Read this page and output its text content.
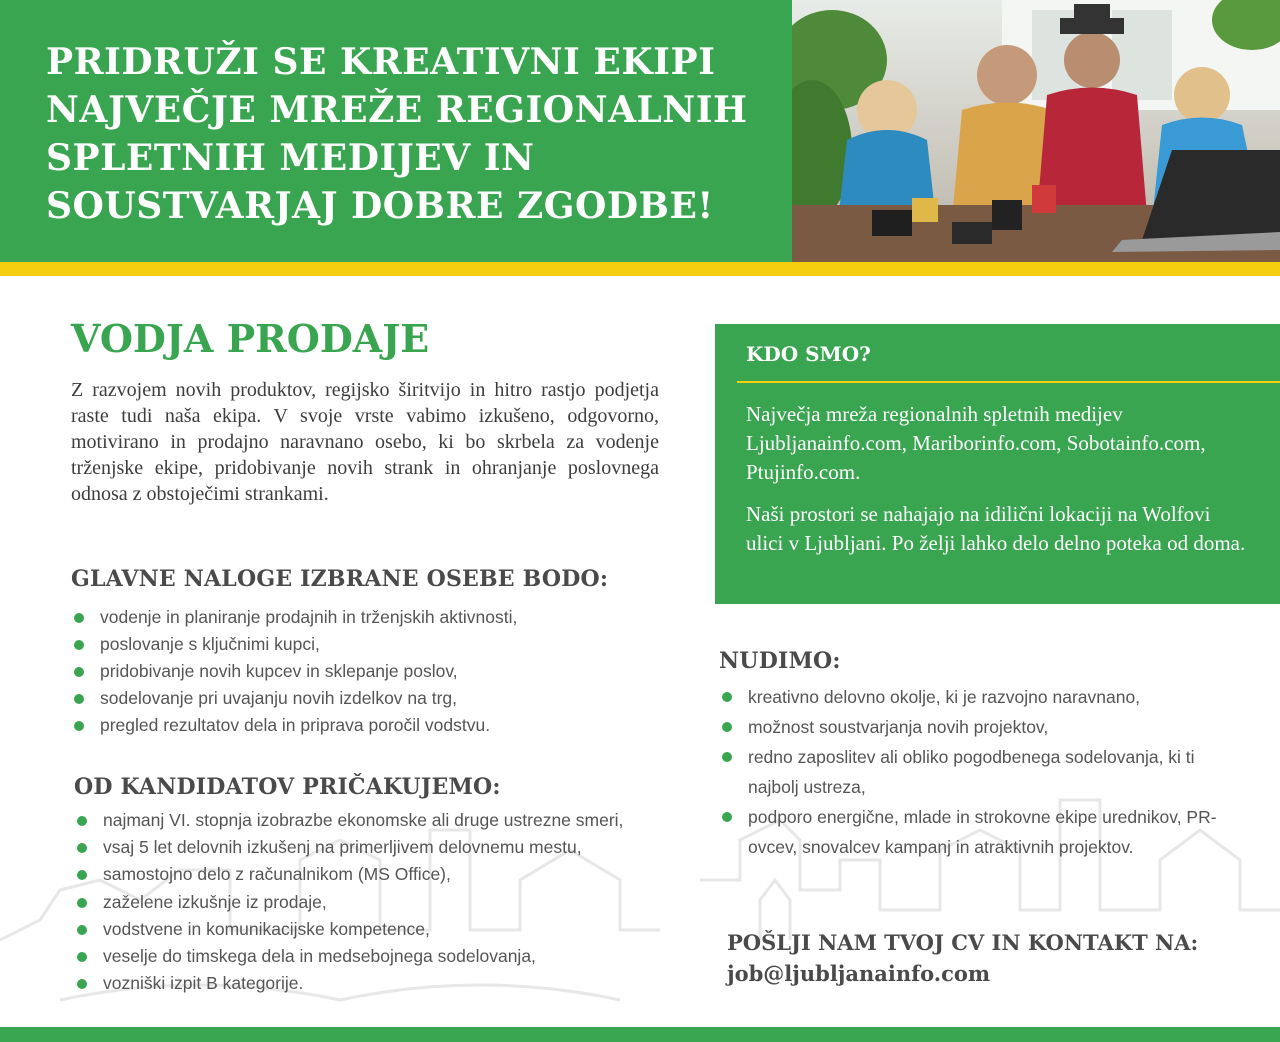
PRIDRUŽI SE KREATIVNI EKIPI NAJVEČJE MREŽE REGIONALNIH SPLETNIH MEDIJEV IN SOUSTVARJAJ DOBRE ZGODBE!
VODJA PRODAJE

Z razvojem novih produktov, regijsko širitvijo in hitro rastjo podjetja raste tudi naša ekipa. V svoje vrste vabimo izkušeno, odgovorno, motivirano in prodajno naravnano osebo, ki bo skrbela za vodenje trženjske ekipe, pridobivanje novih strank in ohranjanje poslovnega odnosa z obstoječimi strankami.

GLAVNE NALOGE IZBRANE OSEBE BODO:
vodenje in planiranje prodajnih in trženjskih aktivnosti,
poslovanje s ključnimi kupci,
pridobivanje novih kupcev in sklepanje poslov,
sodelovanje pri uvajanju novih izdelkov na trg,
pregled rezultatov dela in priprava poročil vodstvu.
OD KANDIDATOV PRIČAKUJEMO:
najmanj VI. stopnja izobrazbe ekonomske ali druge ustrezne smeri,
vsaj 5 let delovnih izkušenj na primerljivem delovnemu mestu,
samostojno delo z računalnikom (MS Office),
zaželene izkušnje iz prodaje,
vodstvene in komunikacijske kompetence,
veselje do timskega dela in medsebojnega sodelovanja,
vozniški izpit B kategorije.
KDO SMO?

Največja mreža regionalnih spletnih medijev Ljubljanainfo.com, Mariborinfo.com, Sobotainfo.com, Ptujinfo.com.

Naši prostori se nahajajo na idilični lokaciji na Wolfovi ulici v Ljubljani. Po želji lahko delo delno poteka od doma.

NUDIMO:
kreativno delovno okolje, ki je razvojno naravnano,
možnost soustvarjanja novih projektov,
redno zaposlitev ali obliko pogodbenega sodelovanja, ki ti najbolj ustreza,
podporo energične, mlade in strokovne ekipe urednikov, PR-ovcev, snovalcev kampanj in atraktivnih projektov.
POŠLJI NAM TVOJ CV IN KONTAKT NA:

job@ljubljanainfo.com
